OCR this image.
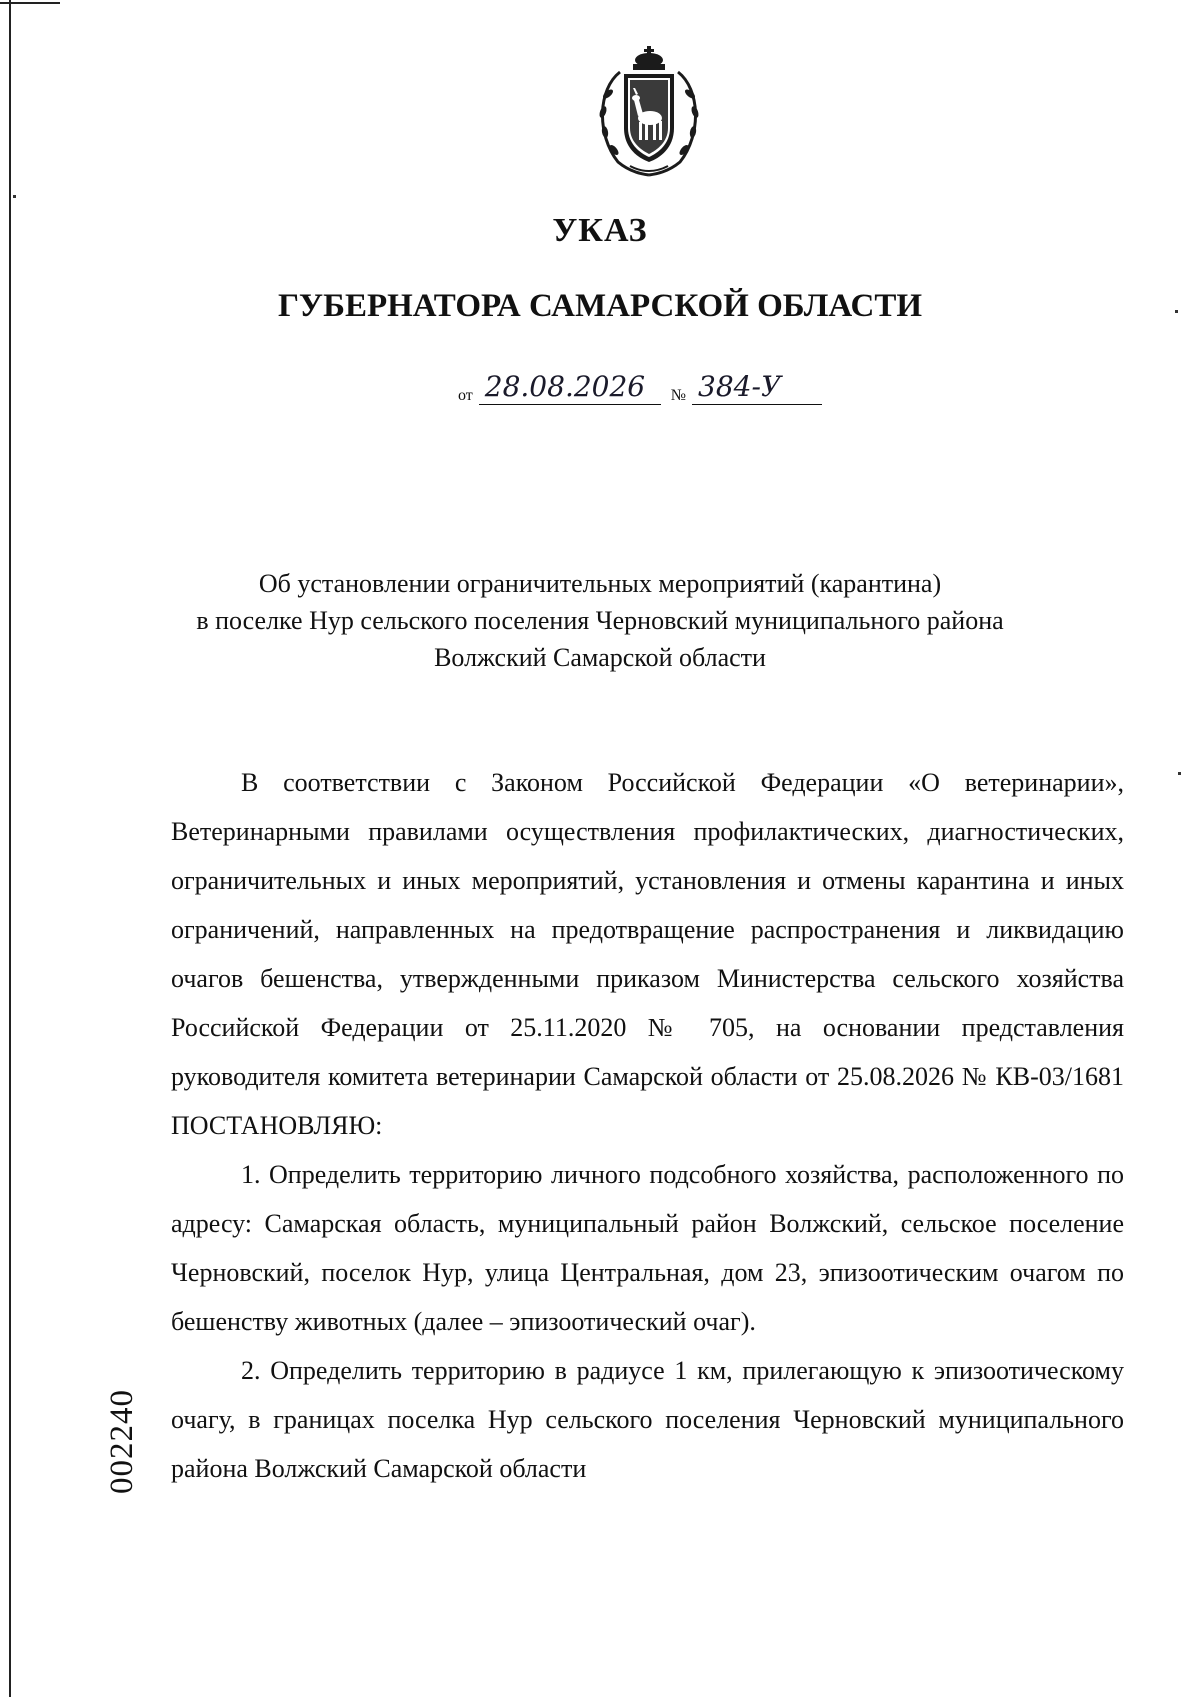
УКАЗ
ГУБЕРНАТОРА САМАРСКОЙ ОБЛАСТИ
от 28.08.2026 № 384-У
Об установлении ограничительных мероприятий (карантина)
в поселке Нур сельского поселения Черновский муниципального района
Волжский Самарской области

В соответствии с Законом Российской Федерации «О ветеринарии», Ветеринарными правилами осуществления профилактических, диагностических, ограничительных и иных мероприятий, установления и отмены карантина и иных ограничений, направленных на предотвращение распространения и ликвидацию очагов бешенства, утвержденными приказом Министерства сельского хозяйства Российской Федерации от 25.11.2020 № 705, на основании представления руководителя комитета ветеринарии Самарской области от 25.08.2026 № КВ-03/1681 ПОСТАНОВЛЯЮ:

1. Определить территорию личного подсобного хозяйства, расположенного по адресу: Самарская область, муниципальный район Волжский, сельское поселение Черновский, поселок Нур, улица Центральная, дом 23, эпизоотическим очагом по бешенству животных (далее – эпизоотический очаг).

2. Определить территорию в радиусе 1 км, прилегающую к эпизоотическому очагу, в границах поселка Нур сельского поселения Черновский муниципального района Волжский Самарской области

002240
